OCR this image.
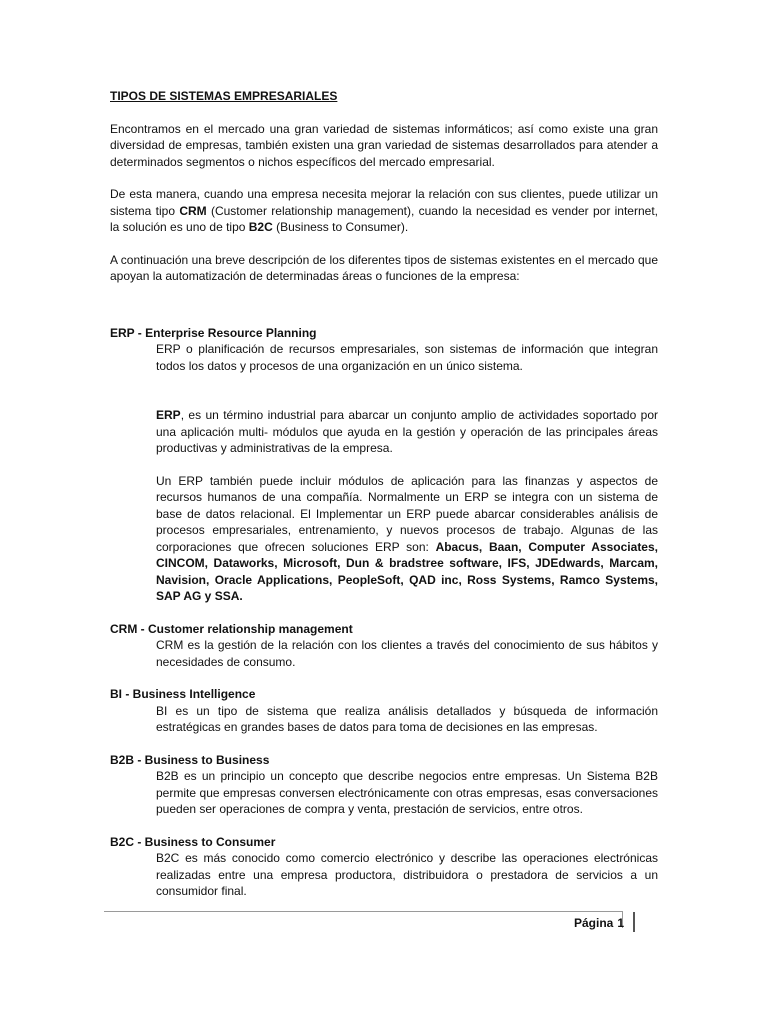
TIPOS DE SISTEMAS EMPRESARIALES

Encontramos en el mercado una gran variedad de sistemas informáticos; así como existe una gran diversidad de empresas, también existen una gran variedad de sistemas desarrollados para atender a determinados segmentos o nichos específicos del mercado empresarial.

De esta manera, cuando una empresa necesita mejorar la relación con sus clientes, puede utilizar un sistema tipo CRM (Customer relationship management), cuando la necesidad es vender por internet, la solución es uno de tipo B2C (Business to Consumer).

A continuación una breve descripción de los diferentes tipos de sistemas existentes en el mercado que apoyan la automatización de determinadas áreas o funciones de la empresa:

ERP - Enterprise Resource Planning

ERP o planificación de recursos empresariales, son sistemas de información que integran todos los datos y procesos de una organización en un único sistema.

ERP, es un término industrial para abarcar un conjunto amplio de actividades soportado por una aplicación multi- módulos que ayuda en la gestión y operación de las principales áreas productivas y administrativas de la empresa.

Un ERP también puede incluir módulos de aplicación para las finanzas y aspectos de recursos humanos de una compañía. Normalmente un ERP se integra con un sistema de base de datos relacional. El Implementar un ERP puede abarcar considerables análisis de procesos empresariales, entrenamiento, y nuevos procesos de trabajo. Algunas de las corporaciones que ofrecen soluciones ERP son: Abacus, Baan, Computer Associates, CINCOM, Dataworks, Microsoft, Dun & bradstree software, IFS, JDEdwards, Marcam, Navision, Oracle Applications, PeopleSoft, QAD inc, Ross Systems, Ramco Systems, SAP AG y SSA.

CRM - Customer relationship management

CRM es la gestión de la relación con los clientes a través del conocimiento de sus hábitos y necesidades de consumo.

BI - Business Intelligence

BI es un tipo de sistema que realiza análisis detallados y búsqueda de información estratégicas en grandes bases de datos para toma de decisiones en las empresas.

B2B - Business to Business

B2B es un principio un concepto que describe negocios entre empresas. Un Sistema B2B permite que empresas conversen electrónicamente con otras empresas, esas conversaciones pueden ser operaciones de compra y venta, prestación de servicios, entre otros.

B2C - Business to Consumer

B2C es más conocido como comercio electrónico y describe las operaciones electrónicas realizadas entre una empresa productora, distribuidora o prestadora de servicios a un consumidor final.

Página 1
